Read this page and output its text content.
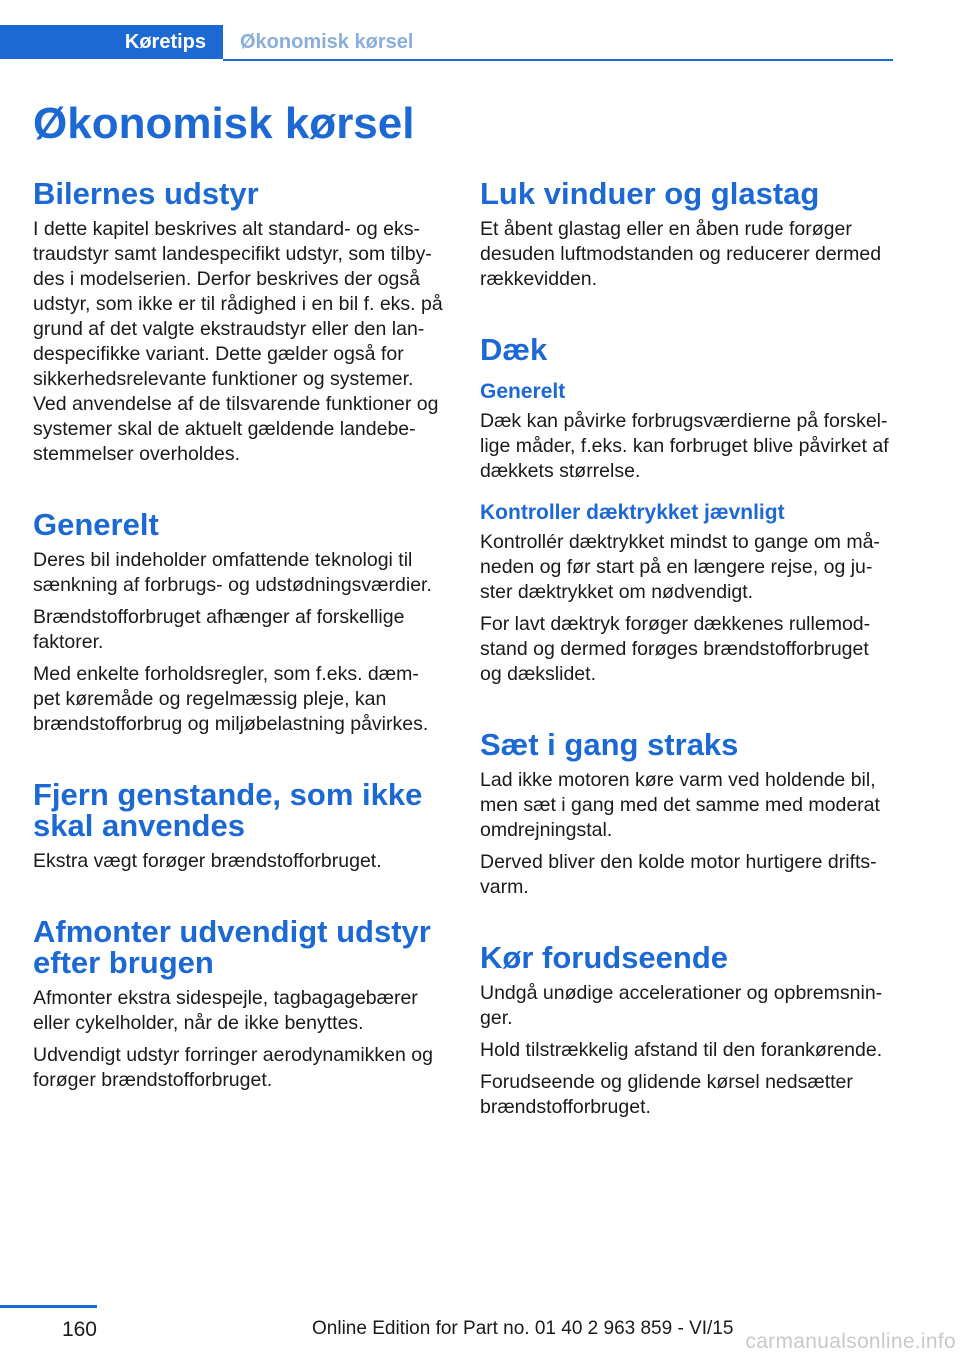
Køretips	Økonomisk kørsel
Økonomisk kørsel
Bilernes udstyr

I dette kapitel beskrives alt standard- og eks‐
traudstyr samt landespecifikt udstyr, som tilby‐
des i modelserien. Derfor beskrives der også
udstyr, som ikke er til rådighed i en bil f. eks. på
grund af det valgte ekstraudstyr eller den lan‐
despecifikke variant. Dette gælder også for
sikkerhedsrelevante funktioner og systemer.
Ved anvendelse af de tilsvarende funktioner og
systemer skal de aktuelt gældende landebe‐
stemmelser overholdes.

Generelt

Deres bil indeholder omfattende teknologi til
sænkning af forbrugs- og udstødningsværdier.

Brændstofforbruget afhænger af forskellige
faktorer.

Med enkelte forholdsregler, som f.eks. dæm‐
pet køremåde og regelmæssig pleje, kan
brændstofforbrug og miljøbelastning påvirkes.

Fjern genstande, som ikke
skal anvendes

Ekstra vægt forøger brændstofforbruget.

Afmonter udvendigt udstyr
efter brugen

Afmonter ekstra sidespejle, tagbagagebærer
eller cykelholder, når de ikke benyttes.

Udvendigt udstyr forringer aerodynamikken og
forøger brændstofforbruget.

Luk vinduer og glastag

Et åbent glastag eller en åben rude forøger
desuden luftmodstanden og reducerer dermed
rækkevidden.

Dæk
Generelt

Dæk kan påvirke forbrugsværdierne på forskel‐
lige måder, f.eks. kan forbruget blive påvirket af
dækkets størrelse.

Kontroller dæktrykket jævnligt

Kontrollér dæktrykket mindst to gange om må‐
neden og før start på en længere rejse, og ju‐
ster dæktrykket om nødvendigt.

For lavt dæktryk forøger dækkenes rullemod‐
stand og dermed forøges brændstofforbruget
og dækslidet.

Sæt i gang straks

Lad ikke motoren køre varm ved holdende bil,
men sæt i gang med det samme med moderat
omdrejningstal.

Derved bliver den kolde motor hurtigere drifts‐
varm.

Kør forudseende

Undgå unødige accelerationer og opbremsnin‐
ger.

Hold tilstrækkelig afstand til den forankørende.

Forudseende og glidende kørsel nedsætter
brændstofforbruget.

160	Online Edition for Part no. 01 40 2 963 859 - VI/15
carmanualsonline.info
